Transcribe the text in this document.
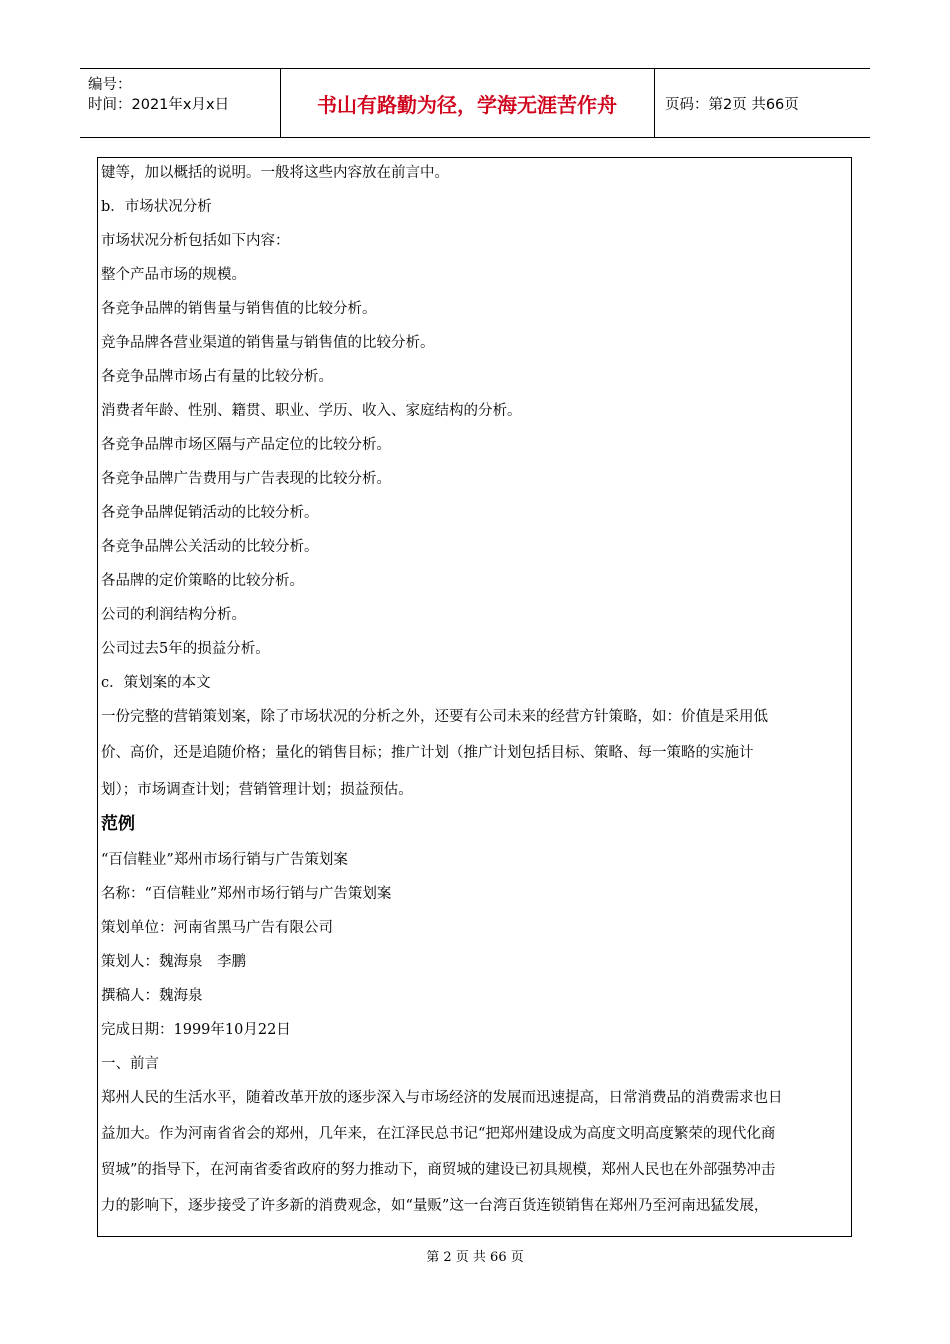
编号：
时间：2021年x月x日	书山有路勤为径，学海无涯苦作舟	页码：第2页 共66页
键等，加以概括的说明。一般将这些内容放在前言中。
b．市场状况分析
市场状况分析包括如下内容：
整个产品市场的规模。
各竞争品牌的销售量与销售值的比较分析。
竞争品牌各营业渠道的销售量与销售值的比较分析。
各竞争品牌市场占有量的比较分析。
消费者年龄、性别、籍贯、职业、学历、收入、家庭结构的分析。
各竞争品牌市场区隔与产品定位的比较分析。
各竞争品牌广告费用与广告表现的比较分析。
各竞争品牌促销活动的比较分析。
各竞争品牌公关活动的比较分析。
各品牌的定价策略的比较分析。
公司的利润结构分析。
公司过去5年的损益分析。
c．策划案的本文
一份完整的营销策划案，除了市场状况的分析之外，还要有公司未来的经营方针策略，如：价值是采用低
价、高价，还是追随价格；量化的销售目标；推广计划（推广计划包括目标、策略、每一策略的实施计
划）；市场调查计划；营销管理计划；损益预估。
范例
“百信鞋业”郑州市场行销与广告策划案
名称：“百信鞋业”郑州市场行销与广告策划案
策划单位：河南省黑马广告有限公司
策划人：魏海泉　李鹏
撰稿人：魏海泉
完成日期：1999年10月22日
一、前言
郑州人民的生活水平，随着改革开放的逐步深入与市场经济的发展而迅速提高，日常消费品的消费需求也日
益加大。作为河南省省会的郑州，几年来，在江泽民总书记“把郑州建设成为高度文明高度繁荣的现代化商
贸城”的指导下，在河南省委省政府的努力推动下，商贸城的建设已初具规模，郑州人民也在外部强势冲击
力的影响下，逐步接受了许多新的消费观念，如“量贩”这一台湾百货连锁销售在郑州乃至河南迅猛发展，
第 2 页 共 66 页
